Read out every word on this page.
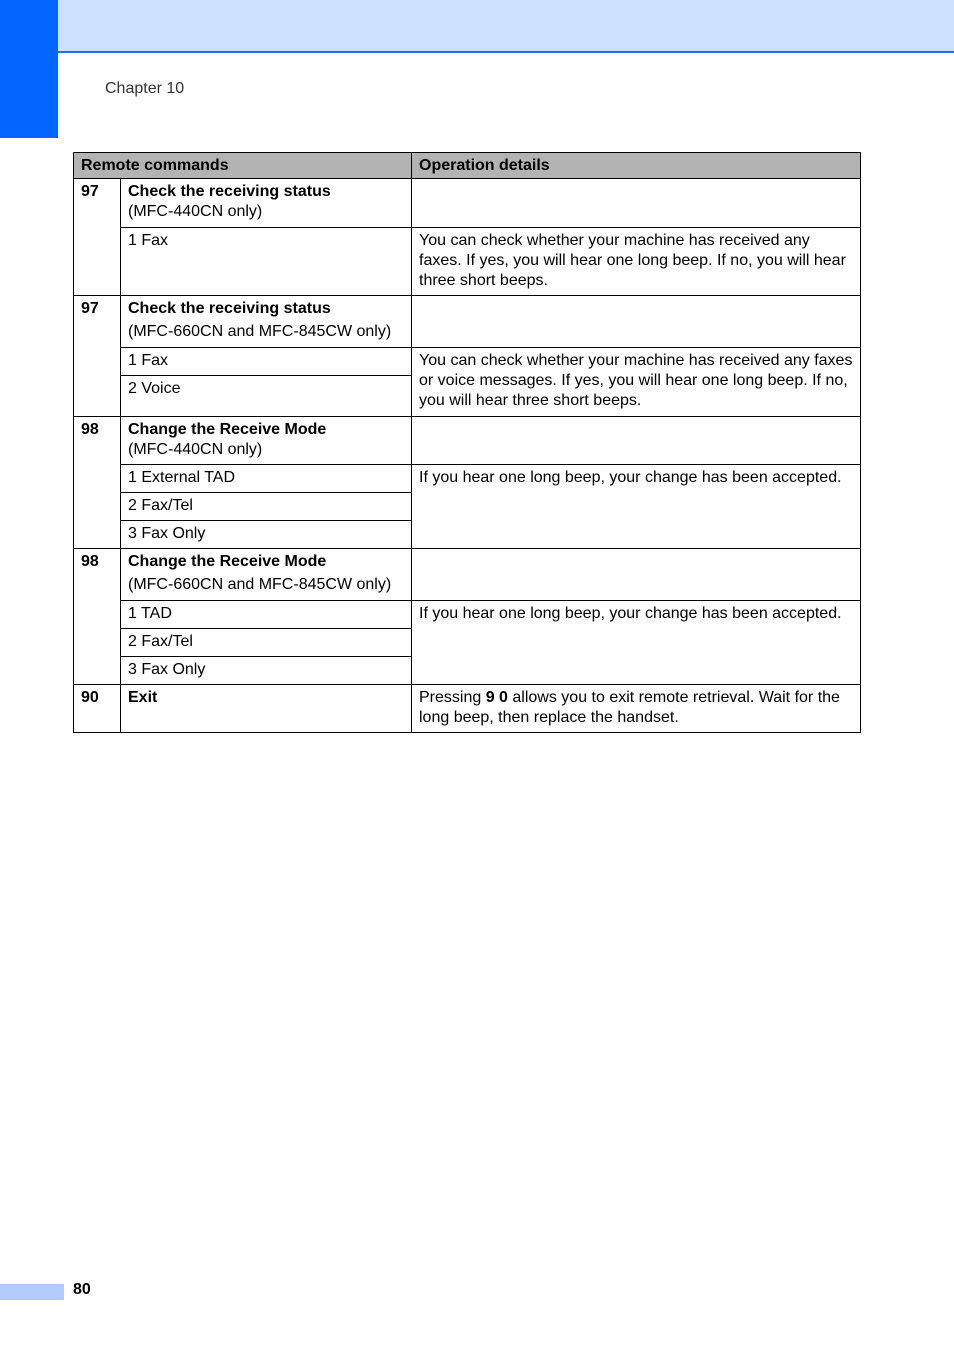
Chapter 10
Remote commands		Operation details
97	Check the receiving status
(MFC-440CN only)	

	1 Fax	You can check whether your machine has received any faxes. If yes, you will hear one long beep. If no, you will hear three short beeps.
97	Check the receiving status
(MFC-660CN and MFC-845CW only)	

	1 Fax	You can check whether your machine has received any faxes or voice messages. If yes, you will hear one long beep. If no, you will hear three short beeps.
	2 Voice	
98	Change the Receive Mode
(MFC-440CN only)	

	1 External TAD	If you hear one long beep, your change has been accepted.
	2 Fax/Tel	
	3 Fax Only	
98	Change the Receive Mode
(MFC-660CN and MFC-845CW only)	

	1 TAD	If you hear one long beep, your change has been accepted.
	2 Fax/Tel	
	3 Fax Only	
90	Exit	Pressing 9 0 allows you to exit remote retrieval. Wait for the long beep, then replace the handset.
80
